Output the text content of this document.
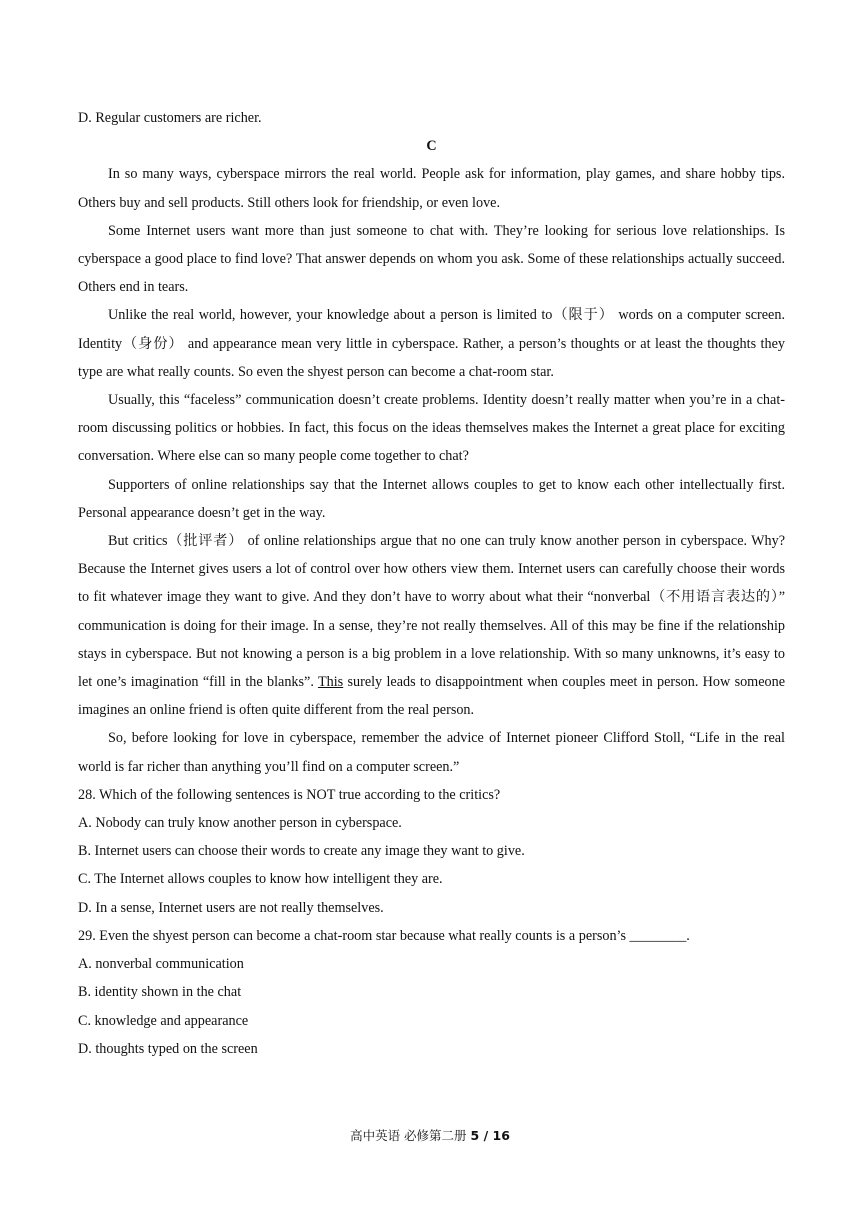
D. Regular customers are richer.

C

In so many ways, cyberspace mirrors the real world. People ask for information, play games, and share hobby tips. Others buy and sell products. Still others look for friendship, or even love.

Some Internet users want more than just someone to chat with. They’re looking for serious love relationships. Is cyberspace a good place to find love? That answer depends on whom you ask. Some of these relationships actually succeed. Others end in tears.

Unlike the real world, however, your knowledge about a person is limited to（限于） words on a computer screen. Identity（身份） and appearance mean very little in cyberspace. Rather, a person’s thoughts or at least the thoughts they type are what really counts. So even the shyest person can become a chat-room star.

Usually, this “faceless” communication doesn’t create problems. Identity doesn’t really matter when you’re in a chat-room discussing politics or hobbies. In fact, this focus on the ideas themselves makes the Internet a great place for exciting conversation. Where else can so many people come together to chat?

Supporters of online relationships say that the Internet allows couples to get to know each other intellectually first. Personal appearance doesn’t get in the way.

But critics（批评者） of online relationships argue that no one can truly know another person in cyberspace. Why? Because the Internet gives users a lot of control over how others view them. Internet users can carefully choose their words to fit whatever image they want to give. And they don’t have to worry about what their “nonverbal（不用语言表达的）” communication is doing for their image. In a sense, they’re not really themselves. All of this may be fine if the relationship stays in cyberspace. But not knowing a person is a big problem in a love relationship. With so many unknowns, it’s easy to let one’s imagination “fill in the blanks”. This surely leads to disappointment when couples meet in person. How someone imagines an online friend is often quite different from the real person.

So, before looking for love in cyberspace, remember the advice of Internet pioneer Clifford Stoll, “Life in the real world is far richer than anything you’ll find on a computer screen.”

28. Which of the following sentences is NOT true according to the critics?

A. Nobody can truly know another person in cyberspace.

B. Internet users can choose their words to create any image they want to give.

C. The Internet allows couples to know how intelligent they are.

D. In a sense, Internet users are not really themselves.

29. Even the shyest person can become a chat-room star because what really counts is a person’s ________.

A. nonverbal communication

B. identity shown in the chat

C. knowledge and appearance

D. thoughts typed on the screen

高中英语 必修第二册 5 / 16
